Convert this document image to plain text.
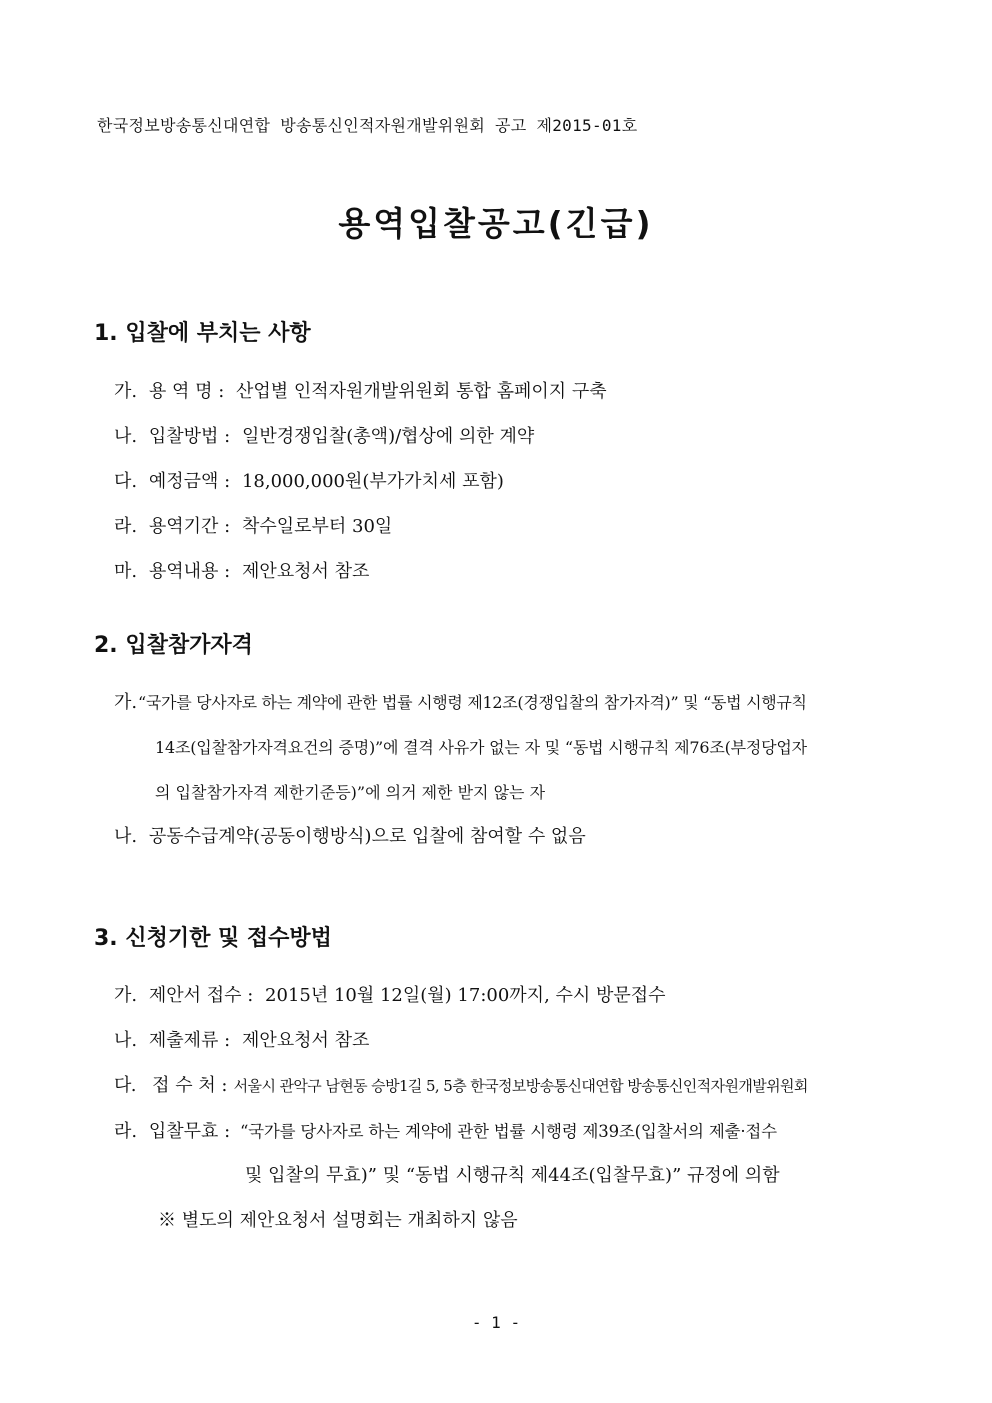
한국정보방송통신대연합 방송통신인적자원개발위원회 공고 제2015-01호
용역입찰공고(긴급)
1. 입찰에 부치는 사항
가. 용 역 명 : 산업별 인적자원개발위원회 통합 홈페이지 구축
나. 입찰방법 : 일반경쟁입찰(총액)/협상에 의한 계약
다. 예정금액 : 18,000,000원(부가가치세 포함)
라. 용역기간 : 착수일로부터 30일
마. 용역내용 : 제안요청서 참조
2. 입찰참가자격
가. “국가를 당사자로 하는 계약에 관한 법률 시행령 제12조(경쟁입찰의 참가자격)” 및 “동법 시행규칙
14조(입찰참가자격요건의 증명)”에 결격 사유가 없는 자 및 “동법 시행규칙 제76조(부정당업자
의 입찰참가자격 제한기준등)”에 의거 제한 받지 않는 자
나. 공동수급계약(공동이행방식)으로 입찰에 참여할 수 없음
3. 신청기한 및 접수방법
가. 제안서 접수 : 2015년 10월 12일(월) 17:00까지, 수시 방문접수
나. 제출제류 : 제안요청서 참조
다. 접 수 처 : 서울시 관악구 남현동 승방1길 5, 5층 한국정보방송통신대연합 방송통신인적자원개발위원회
라. 입찰무효 : “국가를 당사자로 하는 계약에 관한 법률 시행령 제39조(입찰서의 제출·접수
및 입찰의 무효)” 및 “동법 시행규칙 제44조(입찰무효)” 규정에 의함
※ 별도의 제안요청서 설명회는 개최하지 않음
- 1 -
